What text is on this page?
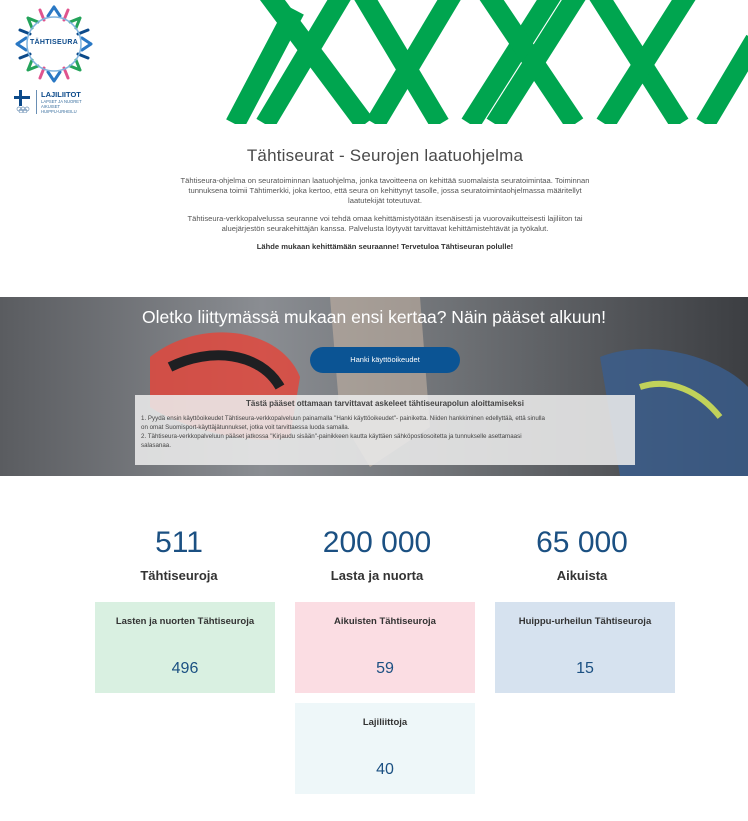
TÄHTISEURA
LAJILIITOT
LAPSET JA NUORET
AIKUISET
HUIPPU-URHEILU
Tähtiseurat - Seurojen laatuohjelma

Tähtiseura-ohjelma on seuratoiminnan laatuohjelma, jonka tavoitteena on kehittää suomalaista seuratoimintaa. Toiminnan tunnuksena toimii Tähtimerkki, joka kertoo, että seura on kehittynyt tasolle, jossa seuratoimintaohjelmassa määritellyt laatutekijät toteutuvat.

Tähtiseura-verkkopalvelussa seuranne voi tehdä omaa kehittämistyötään itsenäisesti ja vuorovaikutteisesti lajiliiton tai aluejärjestön seurakehittäjän kanssa. Palvelusta löytyvät tarvittavat kehittämistehtävät ja työkalut.

Lähde mukaan kehittämään seuraanne! Tervetuloa Tähtiseuran polulle!

Oletko liittymässä mukaan ensi kertaa? Näin pääset alkuun!
Hanki käyttöoikeudet
Tästä pääset ottamaan tarvittavat askeleet tähtiseurapolun aloittamiseksi
1. Pyydä ensin käyttöoikeudet Tähtiseura-verkkopalveluun painamalla "Hanki käyttöoikeudet"- painiketta. Niiden hankkiminen edellyttää, että sinulla
on omat Suomisport-käyttäjätunnukset, jotka voit tarvittaessa luoda samalla.
2. Tähtiseura-verkkopalveluun pääset jatkossa "Kirjaudu sisään"-painikkeen kautta käyttäen sähköpostiosoitetta ja tunnukselle asettamaasi
salasanaa.
511
Tähtiseuroja
200 000
Lasta ja nuorta
65 000
Aikuista
Lasten ja nuorten Tähtiseuroja
496
Aikuisten Tähtiseuroja
59
Huippu-urheilun Tähtiseuroja
15
Lajiliittoja
40
